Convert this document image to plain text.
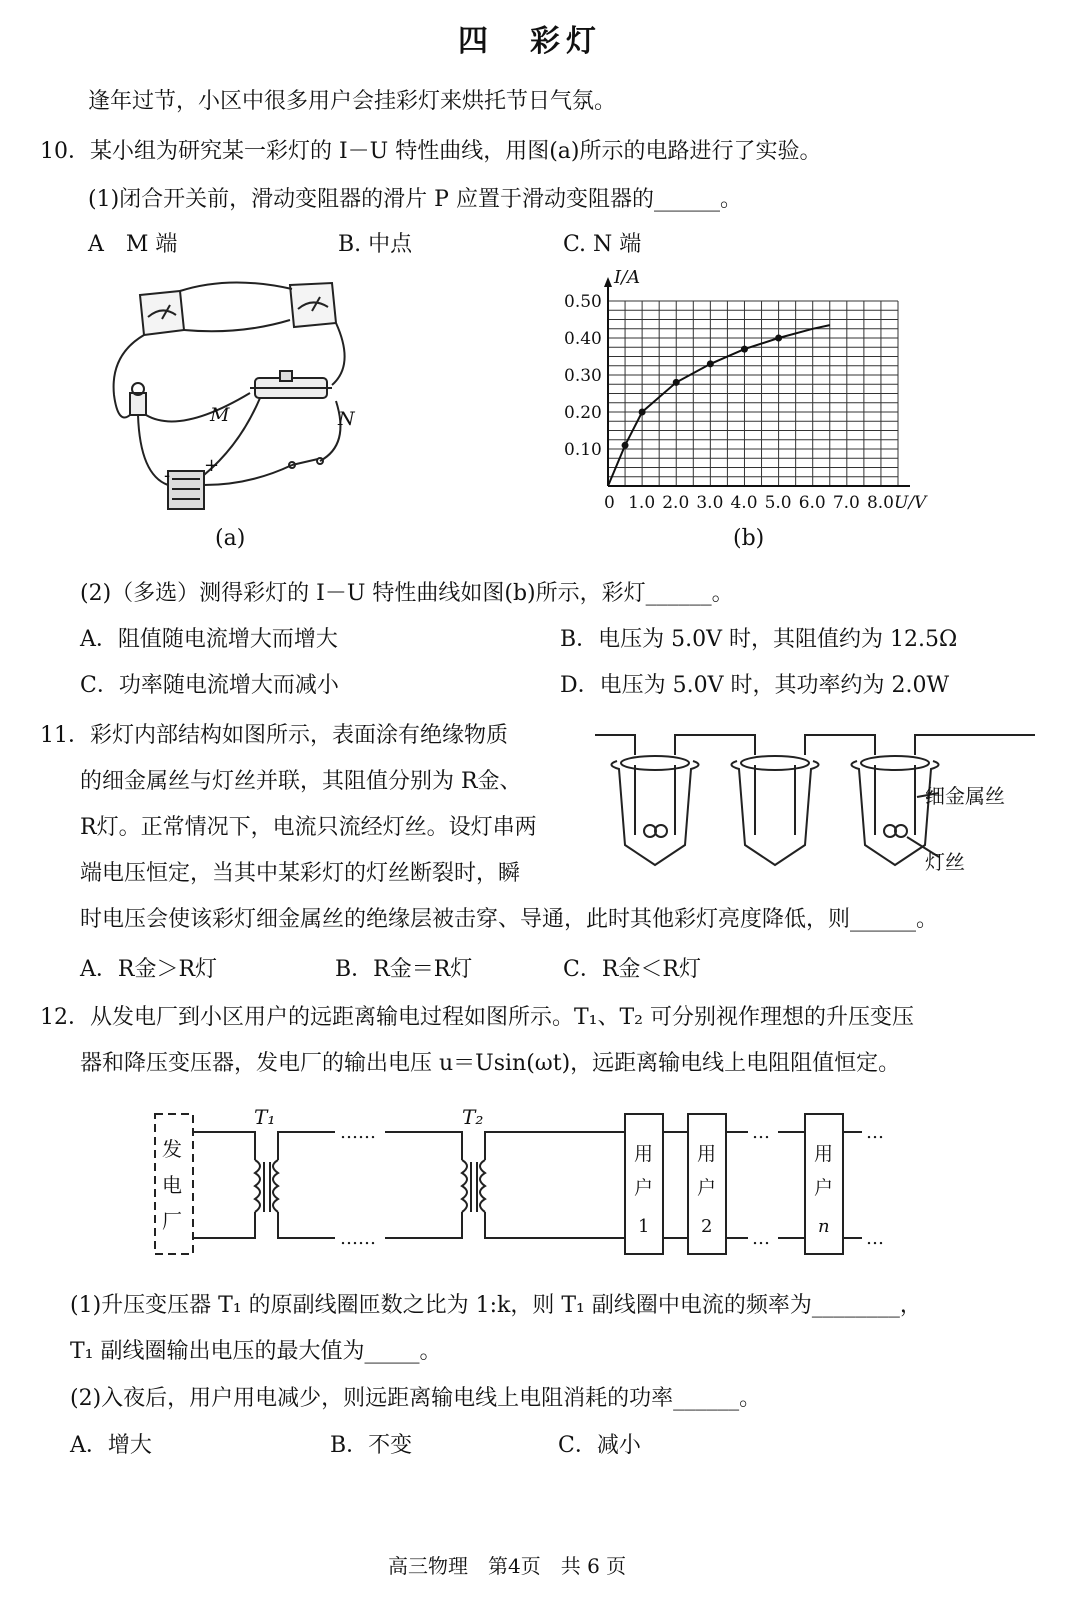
四　彩灯
逢年过节，小区中很多用户会挂彩灯来烘托节日气氛。
10．某小组为研究某一彩灯的 I－U 特性曲线，用图(a)所示的电路进行了实验。
(1)闭合开关前，滑动变阻器的滑片 P 应置于滑动变阻器的______。
A　M 端	B. 中点	C. N 端
M	N
- +
(a)
0 1.0 2.0 3.0 4.0 5.0 6.0 7.0 8.0
0.10
0.20
0.30
0.40
0.50
I/A
U/V
(b)
(2)（多选）测得彩灯的 I－U 特性曲线如图(b)所示，彩灯______。
A．阻值随电流增大而增大	B．电压为 5.0V 时，其阻值约为 12.5Ω
C．功率随电流增大而减小	D．电压为 5.0V 时，其功率约为 2.0W
11．彩灯内部结构如图所示，表面涂有绝缘物质
的细金属丝与灯丝并联，其阻值分别为 R金、
R灯。正常情况下，电流只流经灯丝。设灯串两
端电压恒定，当其中某彩灯的灯丝断裂时，瞬
时电压会使该彩灯细金属丝的绝缘层被击穿、导通，此时其他彩灯亮度降低，则______。
A．R金＞R灯	B．R金＝R灯	C．R金＜R灯
细金属丝
灯丝
12．从发电厂到小区用户的远距离输电过程如图所示。T₁、T₂ 可分别视作理想的升压变压
器和降压变压器，发电厂的输出电压 u＝Usin(ωt)，远距离输电线上电阻阻值恒定。
发
电
厂
T₁	T₂
……
……
…
…
…
…
用
户
1
用
户
2
用
户
n
(1)升压变压器 T₁ 的原副线圈匝数之比为 1:k，则 T₁ 副线圈中电流的频率为________，
T₁ 副线圈输出电压的最大值为_____。
(2)入夜后，用户用电减少，则远距离输电线上电阻消耗的功率______。
A．增大	B．不变	C．减小
高三物理　第4页　共 6 页
